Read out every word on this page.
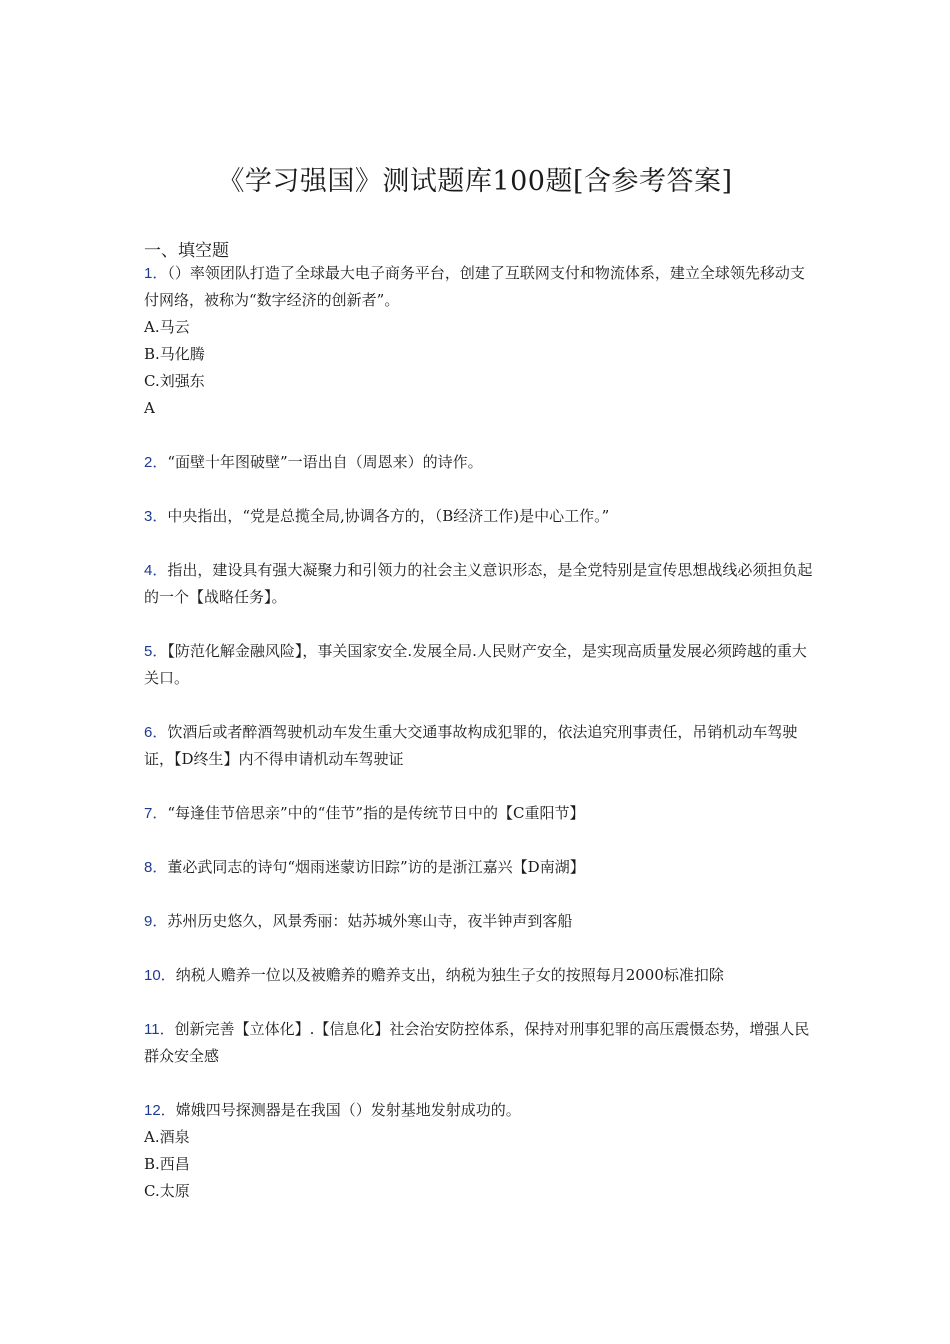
《学习强国》测试题库100题[含参考答案]
一、填空题

1．（）率领团队打造了全球最大电子商务平台，创建了互联网支付和物流体系，建立全球领先移动支付网络，被称为“数字经济的创新者”。

A.马云

B.马化腾

C.刘强东

A

2．“面壁十年图破壁”一语出自（周恩来）的诗作。

3．中央指出，“党是总揽全局,协调各方的，（B经济工作)是中心工作。”

4．指出，建设具有强大凝聚力和引领力的社会主义意识形态，是全党特别是宣传思想战线必须担负起的一个【战略任务】。

5．【防范化解金融风险】，事关国家安全.发展全局.人民财产安全，是实现高质量发展必须跨越的重大关口。

6．饮酒后或者醉酒驾驶机动车发生重大交通事故构成犯罪的，依法追究刑事责任，吊销机动车驾驶证，【D终生】内不得申请机动车驾驶证

7．“每逢佳节倍思亲”中的“佳节”指的是传统节日中的【C重阳节】

8．董必武同志的诗句“烟雨迷蒙访旧踪”访的是浙江嘉兴【D南湖】

9．苏州历史悠久，风景秀丽：姑苏城外寒山寺，夜半钟声到客船

10．纳税人赡养一位以及被赡养的赡养支出，纳税为独生子女的按照每月2000标准扣除

11．创新完善【立体化】.【信息化】社会治安防控体系，保持对刑事犯罪的高压震慑态势，增强人民群众安全感

12．嫦娥四号探测器是在我国（）发射基地发射成功的。

A.酒泉

B.西昌

C.太原
